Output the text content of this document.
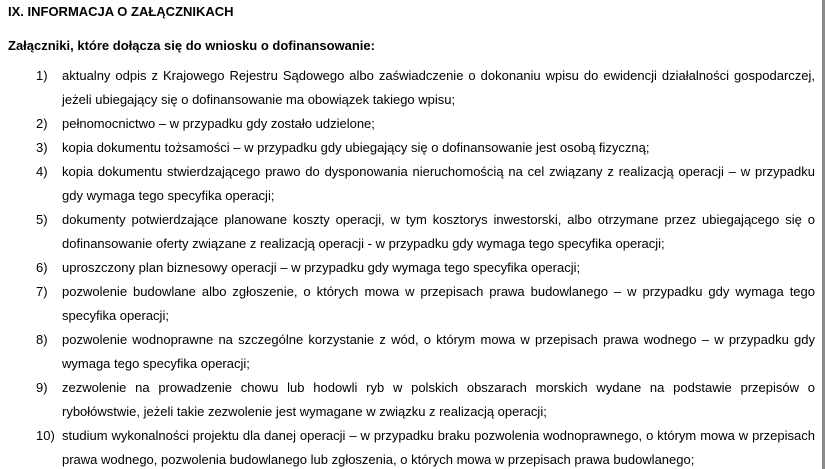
IX. INFORMACJA O ZAŁĄCZNIKACH
Załączniki, które dołącza się do wniosku o dofinansowanie:
1) aktualny odpis z Krajowego Rejestru Sądowego albo zaświadczenie o dokonaniu wpisu do ewidencji działalności gospodarczej, jeżeli ubiegający się o dofinansowanie ma obowiązek takiego wpisu;
2) pełnomocnictwo – w przypadku gdy zostało udzielone;
3) kopia dokumentu tożsamości – w przypadku gdy ubiegający się o dofinansowanie jest osobą fizyczną;
4) kopia dokumentu stwierdzającego prawo do dysponowania nieruchomością na cel związany z realizacją operacji – w przypadku gdy wymaga tego specyfika operacji;
5) dokumenty potwierdzające planowane koszty operacji, w tym kosztorys inwestorski, albo otrzymane przez ubiegającego się o dofinansowanie oferty związane z realizacją operacji - w przypadku gdy wymaga tego specyfika operacji;
6) uproszczony plan biznesowy operacji – w przypadku gdy wymaga tego specyfika operacji;
7) pozwolenie budowlane albo zgłoszenie, o których mowa w przepisach prawa budowlanego – w przypadku gdy wymaga tego specyfika operacji;
8) pozwolenie wodnoprawne na szczególne korzystanie z wód, o którym mowa w przepisach prawa wodnego – w przypadku gdy wymaga tego specyfika operacji;
9) zezwolenie na prowadzenie chowu lub hodowli ryb w polskich obszarach morskich wydane na podstawie przepisów o rybołówstwie, jeżeli takie zezwolenie jest wymagane w związku z realizacją operacji;
10) studium wykonalności projektu dla danej operacji – w przypadku braku pozwolenia wodnoprawnego, o którym mowa w przepisach prawa wodnego, pozwolenia budowlanego lub zgłoszenia, o których mowa w przepisach prawa budowlanego;
